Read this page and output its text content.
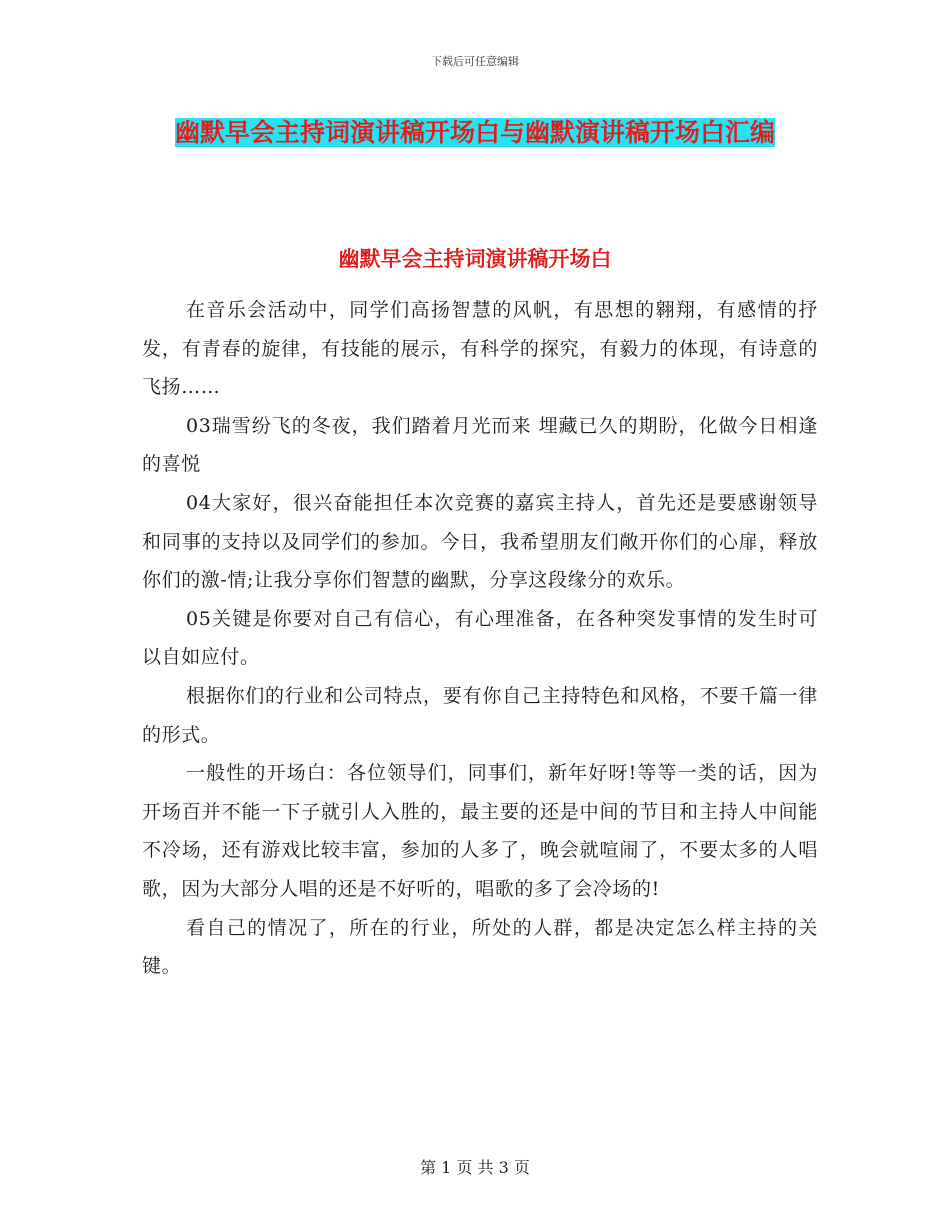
下载后可任意编辑
幽默早会主持词演讲稿开场白与幽默演讲稿开场白汇编
幽默早会主持词演讲稿开场白

在音乐会活动中，同学们高扬智慧的风帆，有思想的翱翔，有感情的抒发，有青春的旋律，有技能的展示，有科学的探究，有毅力的体现，有诗意的飞扬……

03瑞雪纷飞的冬夜，我们踏着月光而来 埋藏已久的期盼，化做今日相逢的喜悦

04大家好，很兴奋能担任本次竞赛的嘉宾主持人，首先还是要感谢领导和同事的支持以及同学们的参加。今日，我希望朋友们敞开你们的心扉，释放你们的激-情;让我分享你们智慧的幽默，分享这段缘分的欢乐。

05关键是你要对自己有信心，有心理准备，在各种突发事情的发生时可以自如应付。

根据你们的行业和公司特点，要有你自己主持特色和风格，不要千篇一律的形式。

一般性的开场白：各位领导们，同事们，新年好呀!等等一类的话，因为开场百并不能一下子就引人入胜的，最主要的还是中间的节目和主持人中间能不冷场，还有游戏比较丰富，参加的人多了，晚会就喧闹了，不要太多的人唱歌，因为大部分人唱的还是不好听的，唱歌的多了会冷场的!

看自己的情况了，所在的行业，所处的人群，都是决定怎么样主持的关键。

第 1 页 共 3 页
